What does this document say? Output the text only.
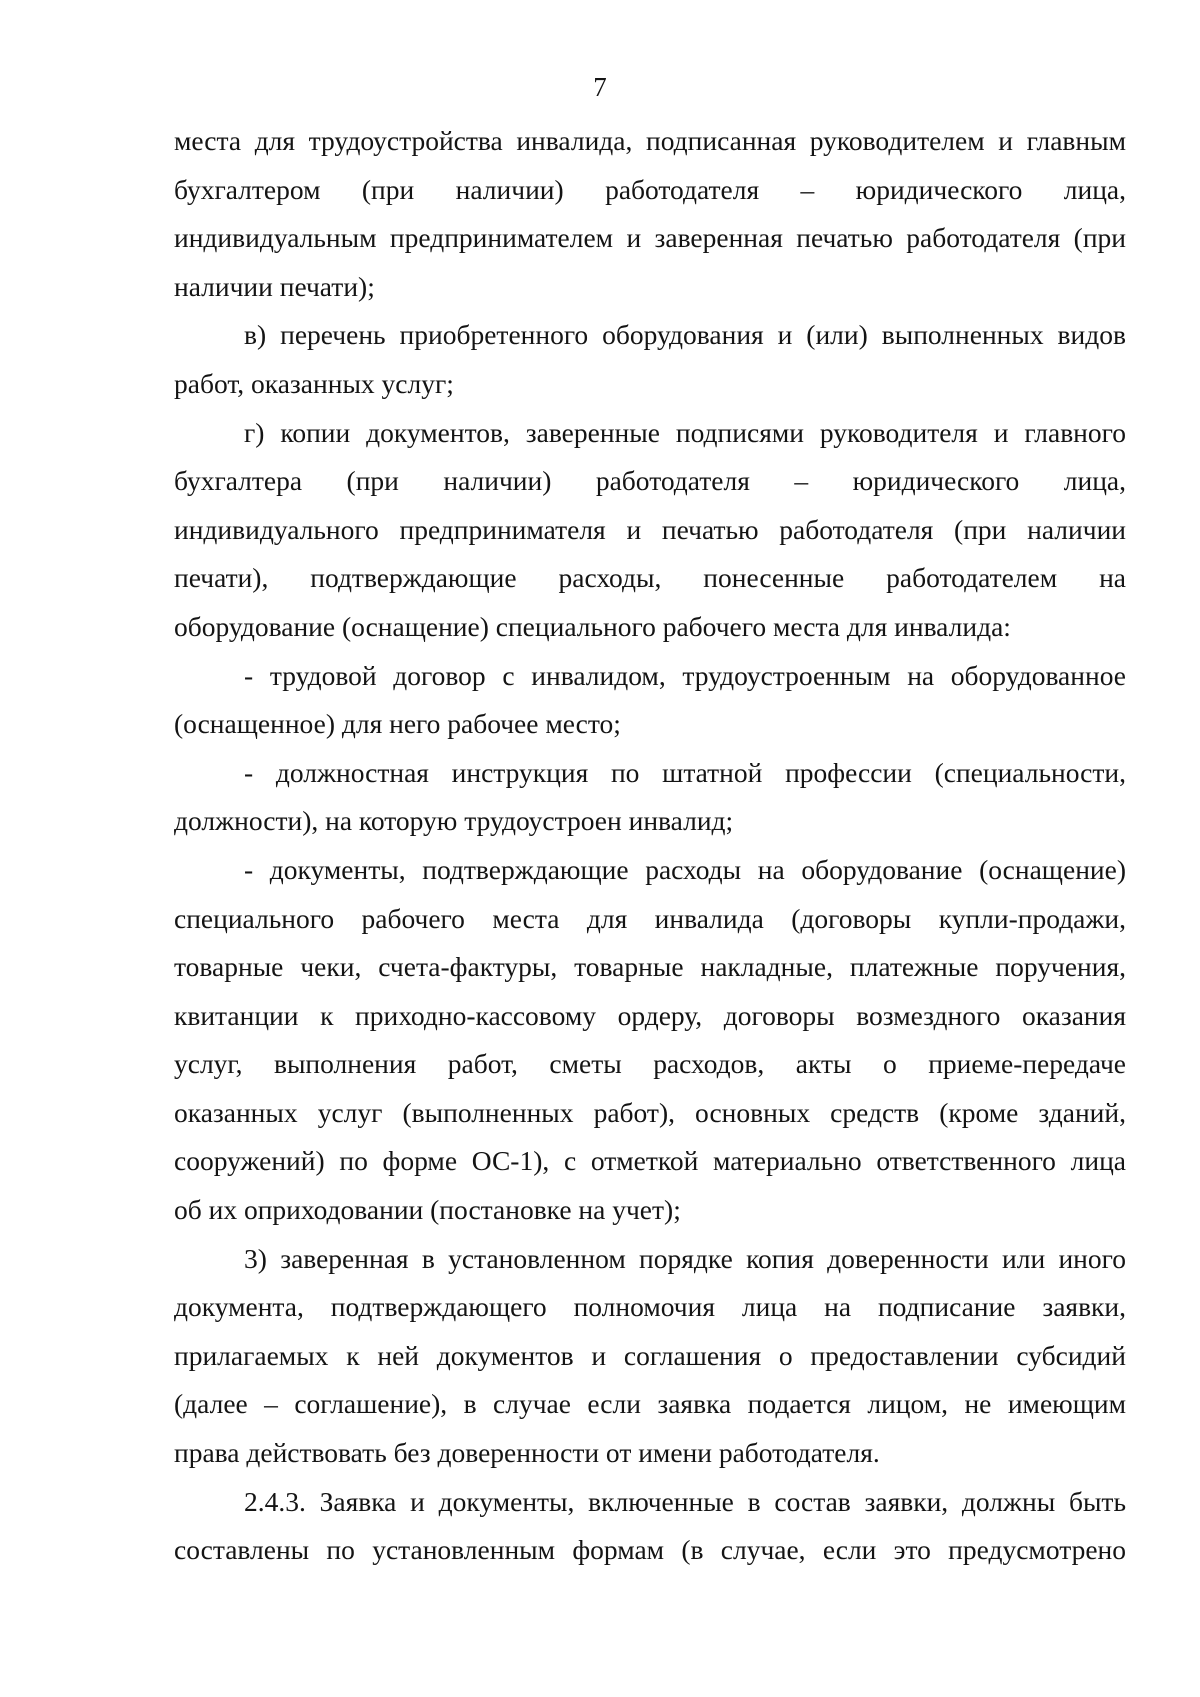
7
места для трудоустройства инвалида, подписанная руководителем и главным
бухгалтером (при наличии) работодателя – юридического лица,
индивидуальным предпринимателем и заверенная печатью работодателя (при
наличии печати);
в) перечень приобретенного оборудования и (или) выполненных видов
работ, оказанных услуг;
г) копии документов, заверенные подписями руководителя и главного
бухгалтера (при наличии) работодателя – юридического лица,
индивидуального предпринимателя и печатью работодателя (при наличии
печати), подтверждающие расходы, понесенные работодателем на
оборудование (оснащение) специального рабочего места для инвалида:
- трудовой договор с инвалидом, трудоустроенным на оборудованное
(оснащенное) для него рабочее место;
- должностная инструкция по штатной профессии (специальности,
должности), на которую трудоустроен инвалид;
- документы, подтверждающие расходы на оборудование (оснащение)
специального рабочего места для инвалида (договоры купли-продажи,
товарные чеки, счета-фактуры, товарные накладные, платежные поручения,
квитанции к приходно-кассовому ордеру, договоры возмездного оказания
услуг, выполнения работ, сметы расходов, акты о приеме-передаче
оказанных услуг (выполненных работ), основных средств (кроме зданий,
сооружений) по форме ОС-1), с отметкой материально ответственного лица
об их оприходовании (постановке на учет);
3) заверенная в установленном порядке копия доверенности или иного
документа, подтверждающего полномочия лица на подписание заявки,
прилагаемых к ней документов и соглашения о предоставлении субсидий
(далее – соглашение), в случае если заявка подается лицом, не имеющим
права действовать без доверенности от имени работодателя.
2.4.3. Заявка и документы, включенные в состав заявки, должны быть
составлены по установленным формам (в случае, если это предусмотрено
